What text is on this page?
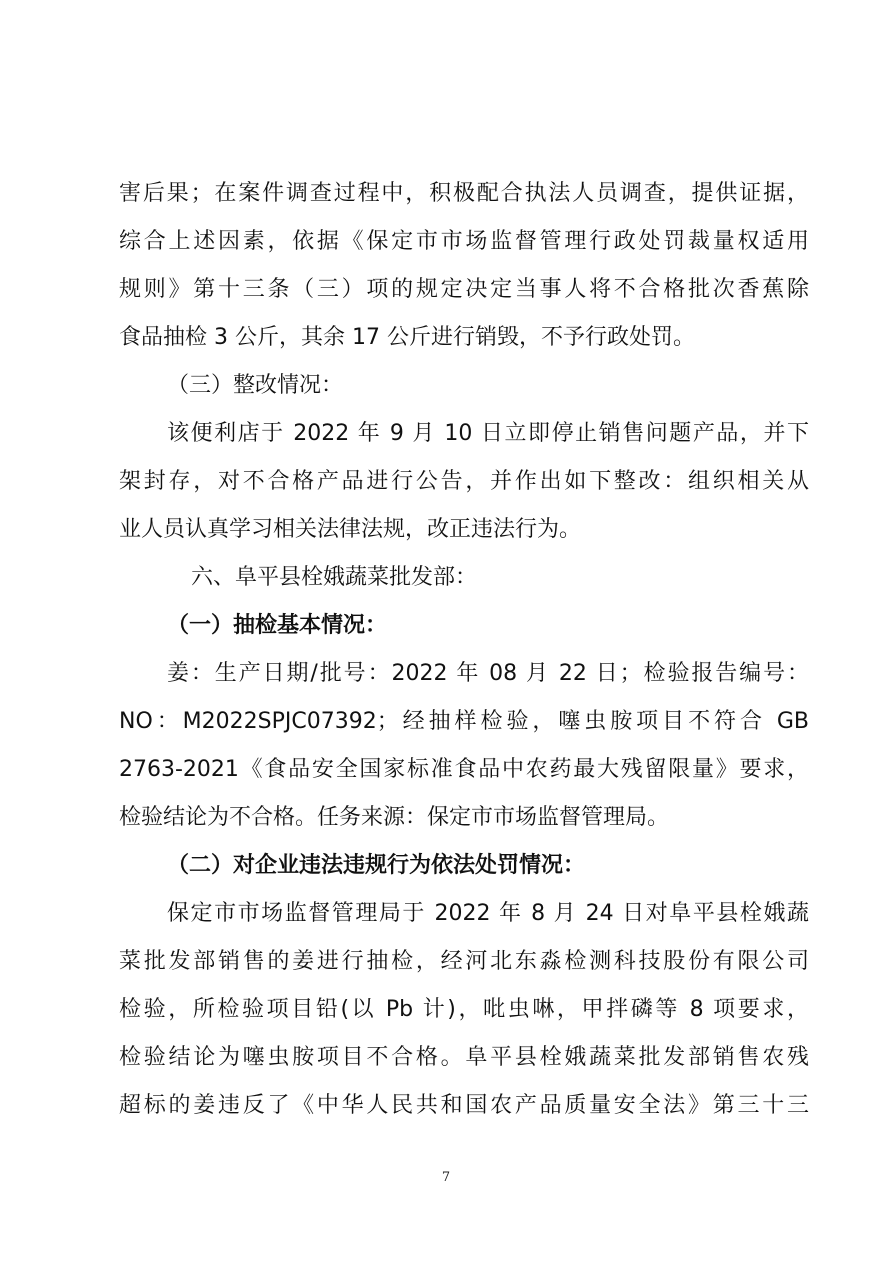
害后果；在案件调查过程中，积极配合执法人员调查，提供证据，
综合上述因素，依据《保定市市场监督管理行政处罚裁量权适用
规则》第十三条（三）项的规定决定当事人将不合格批次香蕉除
食品抽检 3 公斤，其余 17 公斤进行销毁，不予行政处罚。
（三）整改情况：
该便利店于 2022 年 9 月 10 日立即停止销售问题产品，并下
架封存，对不合格产品进行公告，并作出如下整改：组织相关从
业人员认真学习相关法律法规，改正违法行为。
六、阜平县栓娥蔬菜批发部：
（一）抽检基本情况：
姜：生产日期/批号：2022 年 08 月 22 日；检验报告编号：
NO：M2022SPJC07392；经抽样检验，噻虫胺项目不符合 GB
2763-2021《食品安全国家标准食品中农药最大残留限量》要求，
检验结论为不合格。任务来源：保定市市场监督管理局。
（二）对企业违法违规行为依法处罚情况：
保定市市场监督管理局于 2022 年 8 月 24 日对阜平县栓娥蔬
菜批发部销售的姜进行抽检，经河北东淼检测科技股份有限公司
检验，所检验项目铅(以 Pb 计)，吡虫啉，甲拌磷等 8 项要求，
检验结论为噻虫胺项目不合格。阜平县栓娥蔬菜批发部销售农残
超标的姜违反了《中华人民共和国农产品质量安全法》第三十三
7
